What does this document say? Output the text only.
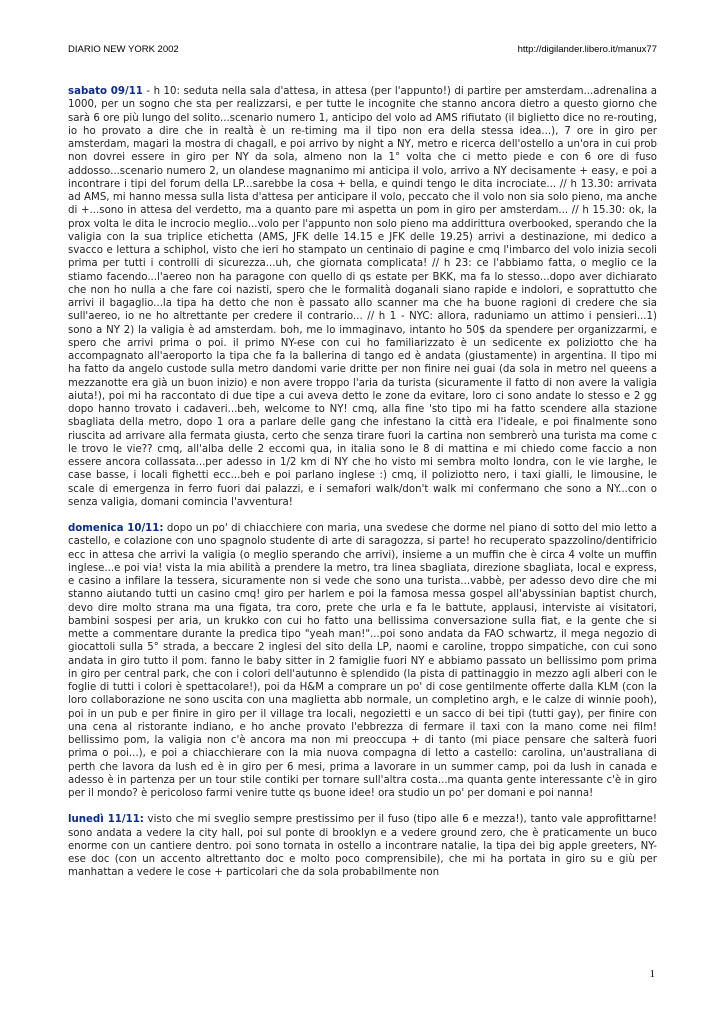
DIARIO NEW YORK 2002	http://digilander.libero.it/manux77

sabato 09/11 - h 10: seduta nella sala d'attesa, in attesa (per l'appunto!) di partire per amsterdam...adrenalina a 1000, per un sogno che sta per realizzarsi, e per tutte le incognite che stanno ancora dietro a questo giorno che sarà 6 ore più lungo del solito...scenario numero 1, anticipo del volo ad AMS rifiutato (il biglietto dice no re-routing, io ho provato a dire che in realtà è un re-timing ma il tipo non era della stessa idea...), 7 ore in giro per amsterdam, magari la mostra di chagall, e poi arrivo by night a NY, metro e ricerca dell'ostello a un'ora in cui prob non dovrei essere in giro per NY da sola, almeno non la 1° volta che ci metto piede e con 6 ore di fuso addosso...scenario numero 2, un olandese magnanimo mi anticipa il volo, arrivo a NY decisamente + easy, e poi a incontrare i tipi del forum della LP...sarebbe la cosa + bella, e quindi tengo le dita incrociate... // h 13.30: arrivata ad AMS, mi hanno messa sulla lista d'attesa per anticipare il volo, peccato che il volo non sia solo pieno, ma anche di +...sono in attesa del verdetto, ma a quanto pare mi aspetta un pom in giro per amsterdam... // h 15.30: ok, la prox volta le dita le incrocio meglio...volo per l'appunto non solo pieno ma addirittura overbooked, sperando che la valigia con la sua triplice etichetta (AMS, JFK delle 14.15 e JFK delle 19.25) arrivi a destinazione, mi dedico a svacco e lettura a schiphol, visto che ieri ho stampato un centinaio di pagine e cmq l'imbarco del volo inizia secoli prima per tutti i controlli di sicurezza...uh, che giornata complicata! // h 23: ce l'abbiamo fatta, o meglio ce la stiamo facendo...l'aereo non ha paragone con quello di qs estate per BKK, ma fa lo stesso...dopo aver dichiarato che non ho nulla a che fare coi nazisti, spero che le formalità doganali siano rapide e indolori, e soprattutto che arrivi il bagaglio...la tipa ha detto che non è passato allo scanner ma che ha buone ragioni di credere che sia sull'aereo, io ne ho altrettante per credere il contrario... // h 1 - NYC: allora, raduniamo un attimo i pensieri...1) sono a NY 2) la valigia è ad amsterdam. boh, me lo immaginavo, intanto ho 50$ da spendere per organizzarmi, e spero che arrivi prima o poi. il primo NY-ese con cui ho familiarizzato è un sedicente ex poliziotto che ha accompagnato all'aeroporto la tipa che fa la ballerina di tango ed è andata (giustamente) in argentina. Il tipo mi ha fatto da angelo custode sulla metro dandomi varie dritte per non finire nei guai (da sola in metro nel queens a mezzanotte era già un buon inizio) e non avere troppo l'aria da turista (sicuramente il fatto di non avere la valigia aiuta!), poi mi ha raccontato di due tipe a cui aveva detto le zone da evitare, loro ci sono andate lo stesso e 2 gg dopo hanno trovato i cadaveri...beh, welcome to NY! cmq, alla fine 'sto tipo mi ha fatto scendere alla stazione sbagliata della metro, dopo 1 ora a parlare delle gang che infestano la città era l'ideale, e poi finalmente sono riuscita ad arrivare alla fermata giusta, certo che senza tirare fuori la cartina non sembrerò una turista ma come c le trovo le vie?? cmq, all'alba delle 2 eccomi qua, in italia sono le 8 di mattina e mi chiedo come faccio a non essere ancora collassata...per adesso in 1/2 km di NY che ho visto mi sembra molto londra, con le vie larghe, le case basse, i locali fighetti ecc...beh e poi parlano inglese :) cmq, il poliziotto nero, i taxi gialli, le limousine, le scale di emergenza in ferro fuori dai palazzi, e i semafori walk/don't walk mi confermano che sono a NY...con o senza valigia, domani comincia l'avventura!

domenica 10/11: dopo un po' di chiacchiere con maria, una svedese che dorme nel piano di sotto del mio letto a castello, e colazione con uno spagnolo studente di arte di saragozza, si parte! ho recuperato spazzolino/dentifricio ecc in attesa che arrivi la valigia (o meglio sperando che arrivi), insieme a un muffin che è circa 4 volte un muffin inglese...e poi via! vista la mia abilità a prendere la metro, tra linea sbagliata, direzione sbagliata, local e express, e casino a infilare la tessera, sicuramente non si vede che sono una turista...vabbè, per adesso devo dire che mi stanno aiutando tutti un casino cmq! giro per harlem e poi la famosa messa gospel all'abyssinian baptist church, devo dire molto strana ma una figata, tra coro, prete che urla e fa le battute, applausi, interviste ai visitatori, bambini sospesi per aria, un krukko con cui ho fatto una bellissima conversazione sulla fiat, e la gente che si mette a commentare durante la predica tipo "yeah man!"...poi sono andata da FAO schwartz, il mega negozio di giocattoli sulla 5° strada, a beccare 2 inglesi del sito della LP, naomi e caroline, troppo simpatiche, con cui sono andata in giro tutto il pom. fanno le baby sitter in 2 famiglie fuori NY e abbiamo passato un bellissimo pom prima in giro per central park, che con i colori dell'autunno è splendido (la pista di pattinaggio in mezzo agli alberi con le foglie di tutti i colori è spettacolare!), poi da H&M a comprare un po' di cose gentilmente offerte dalla KLM (con la loro collaborazione ne sono uscita con una maglietta abb normale, un completino argh, e le calze di winnie pooh), poi in un pub e per finire in giro per il village tra locali, negozietti e un sacco di bei tipi (tutti gay), per finire con una cena al ristorante indiano, e ho anche provato l'ebbrezza di fermare il taxi con la mano come nei film! bellissimo pom, la valigia non c'è ancora ma non mi preoccupa + di tanto (mi piace pensare che salterà fuori prima o poi...), e poi a chiacchierare con la mia nuova compagna di letto a castello: carolina, un'australiana di perth che lavora da lush ed è in giro per 6 mesi, prima a lavorare in un summer camp, poi da lush in canada e adesso è in partenza per un tour stile contiki per tornare sull'altra costa...ma quanta gente interessante c'è in giro per il mondo? è pericoloso farmi venire tutte qs buone idee! ora studio un po' per domani e poi nanna!

lunedì 11/11: visto che mi sveglio sempre prestissimo per il fuso (tipo alle 6 e mezza!), tanto vale approfittarne! sono andata a vedere la city hall, poi sul ponte di brooklyn e a vedere ground zero, che è praticamente un buco enorme con un cantiere dentro. poi sono tornata in ostello a incontrare natalie, la tipa dei big apple greeters, NY-ese doc (con un accento altrettanto doc e molto poco comprensibile), che mi ha portata in giro su e giù per manhattan a vedere le cose + particolari che da sola probabilmente non

1
